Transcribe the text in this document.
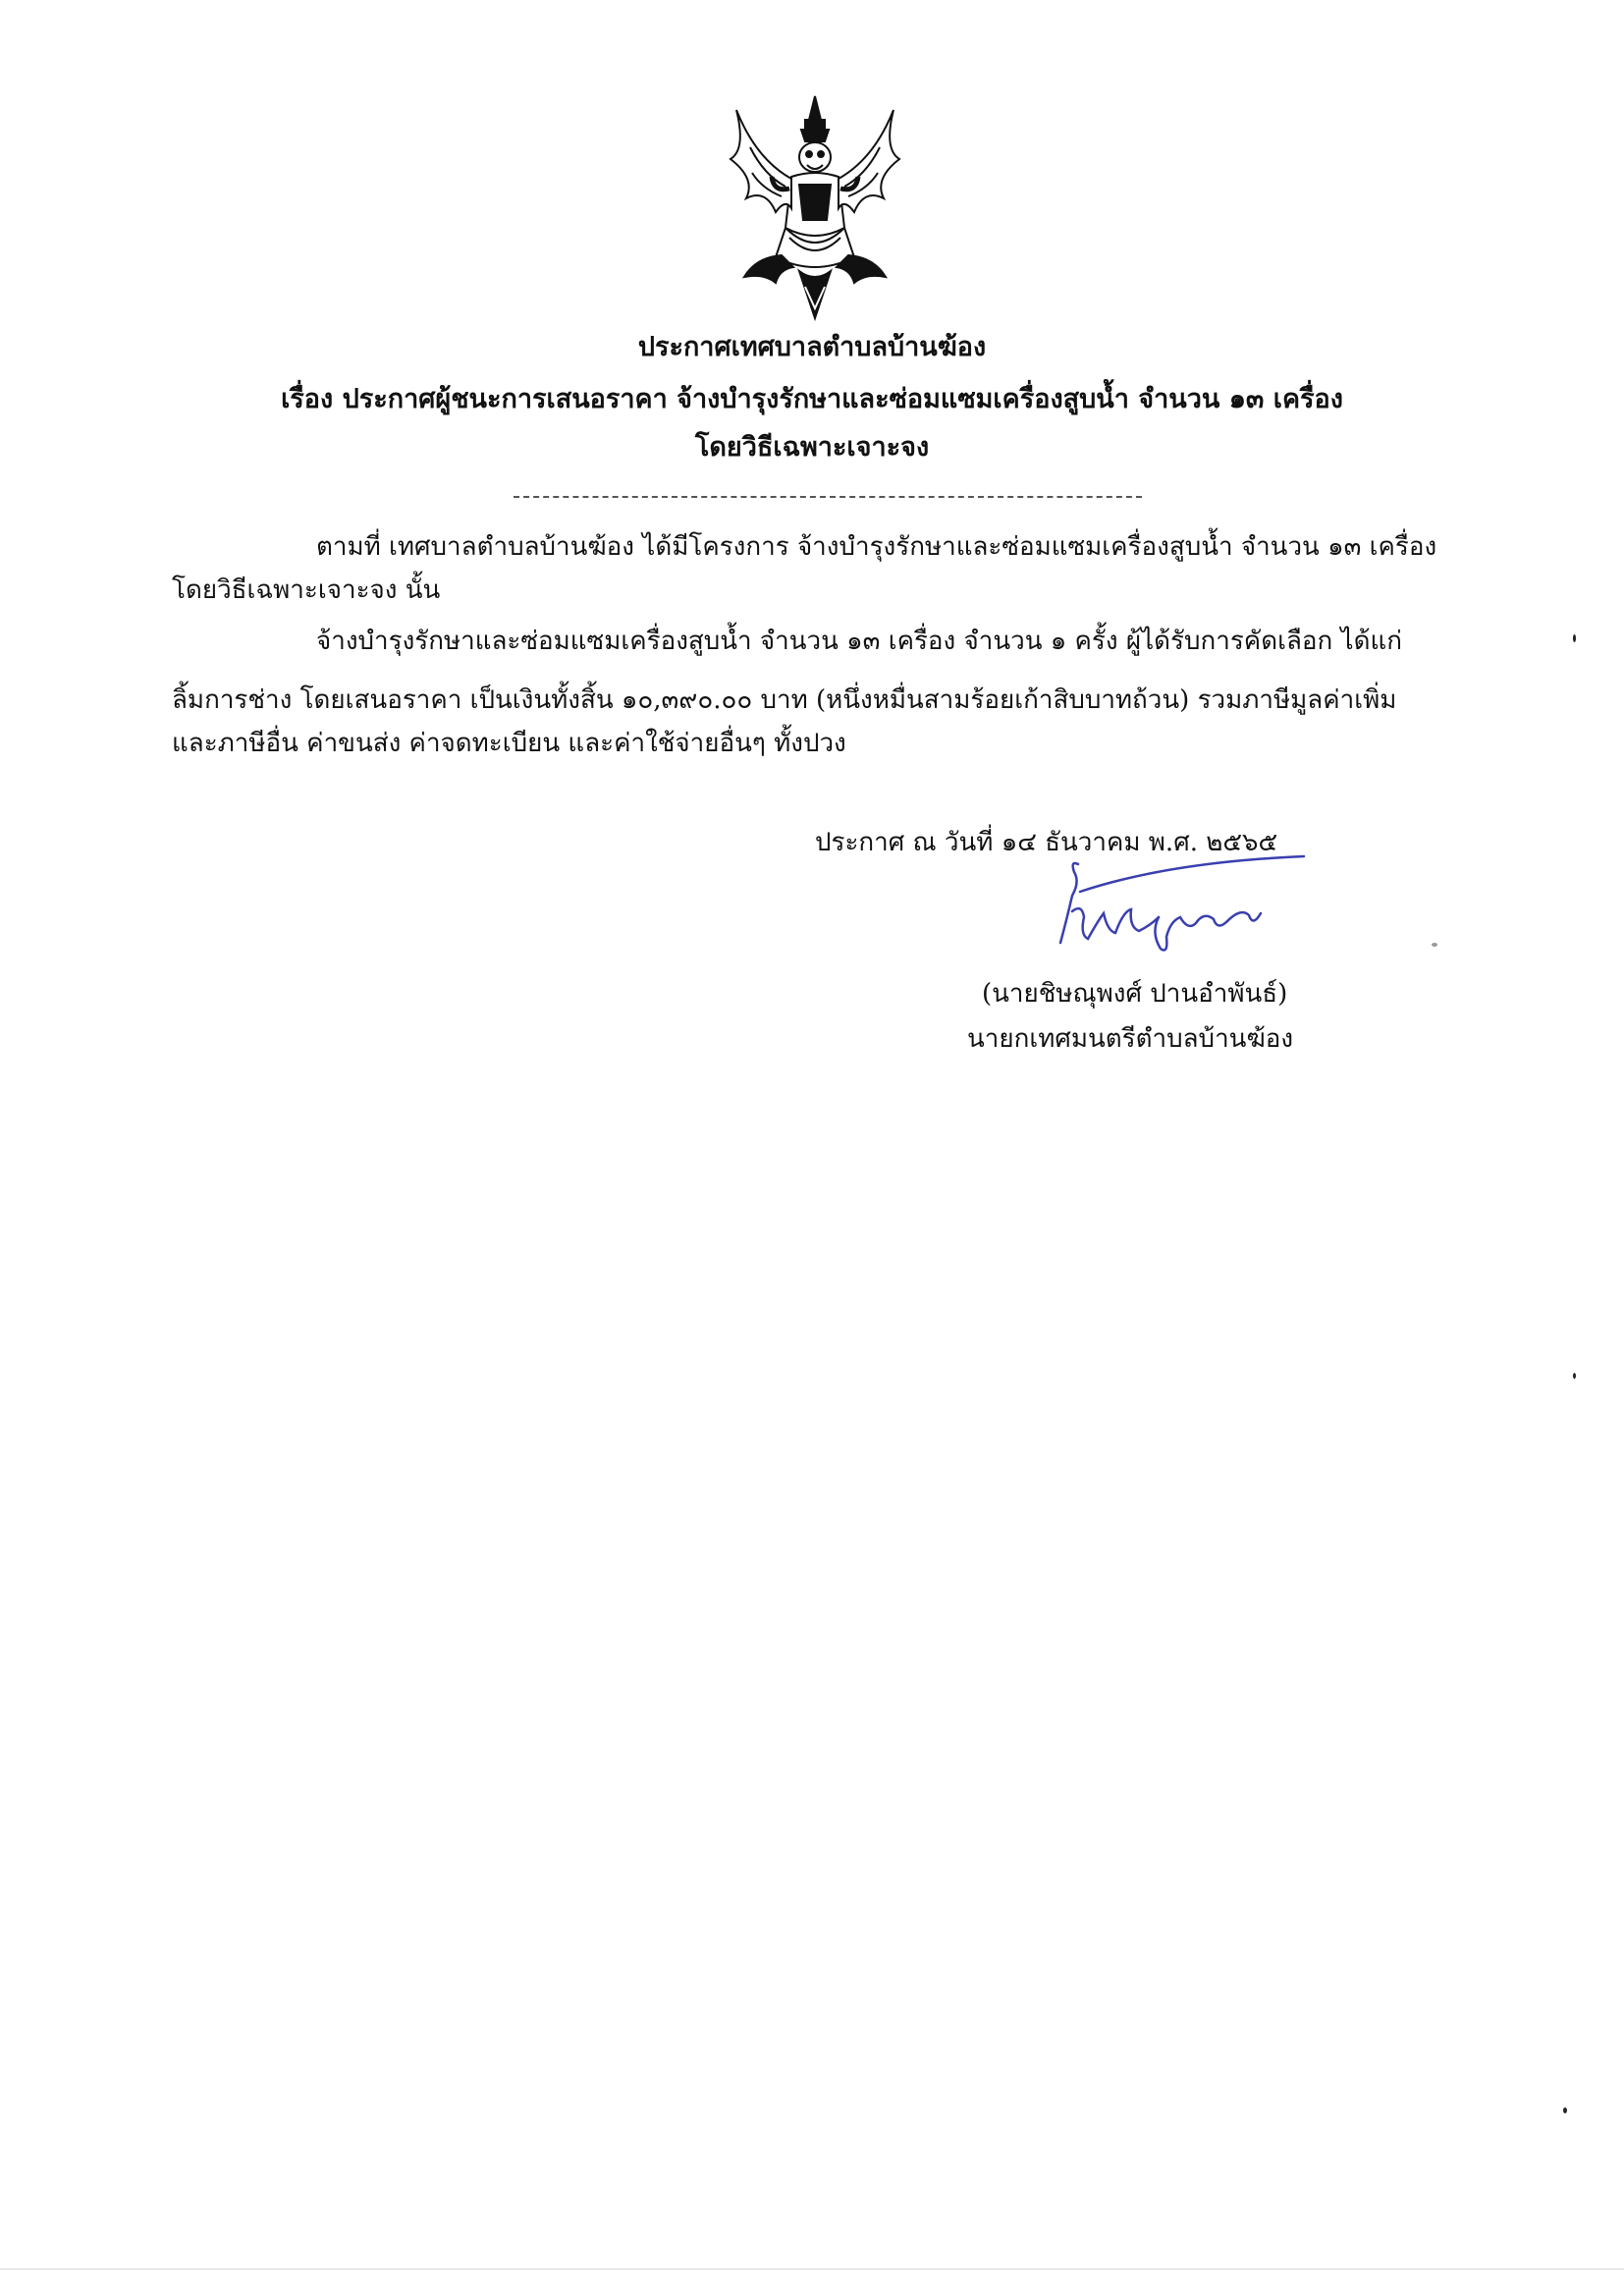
ประกาศเทศบาลตำบลบ้านฆ้อง
เรื่อง ประกาศผู้ชนะการเสนอราคา จ้างบำรุงรักษาและซ่อมแซมเครื่องสูบน้ำ จำนวน ๑๓ เครื่อง
โดยวิธีเฉพาะเจาะจง
ตามที่ เทศบาลตำบลบ้านฆ้อง ได้มีโครงการ จ้างบำรุงรักษาและซ่อมแซมเครื่องสูบน้ำ จำนวน ๑๓ เครื่อง
โดยวิธีเฉพาะเจาะจง นั้น
จ้างบำรุงรักษาและซ่อมแซมเครื่องสูบน้ำ จำนวน ๑๓ เครื่อง จำนวน ๑ ครั้ง ผู้ได้รับการคัดเลือก ได้แก่
ลิ้มการช่าง โดยเสนอราคา เป็นเงินทั้งสิ้น ๑๐,๓๙๐.๐๐ บาท (หนึ่งหมื่นสามร้อยเก้าสิบบาทถ้วน) รวมภาษีมูลค่าเพิ่ม
และภาษีอื่น ค่าขนส่ง ค่าจดทะเบียน และค่าใช้จ่ายอื่นๆ ทั้งปวง
ประกาศ ณ วันที่ ๑๔ ธันวาคม พ.ศ. ๒๕๖๕
(นายชิษณุพงศ์ ปานอำพันธ์)
นายกเทศมนตรีตำบลบ้านฆ้อง
